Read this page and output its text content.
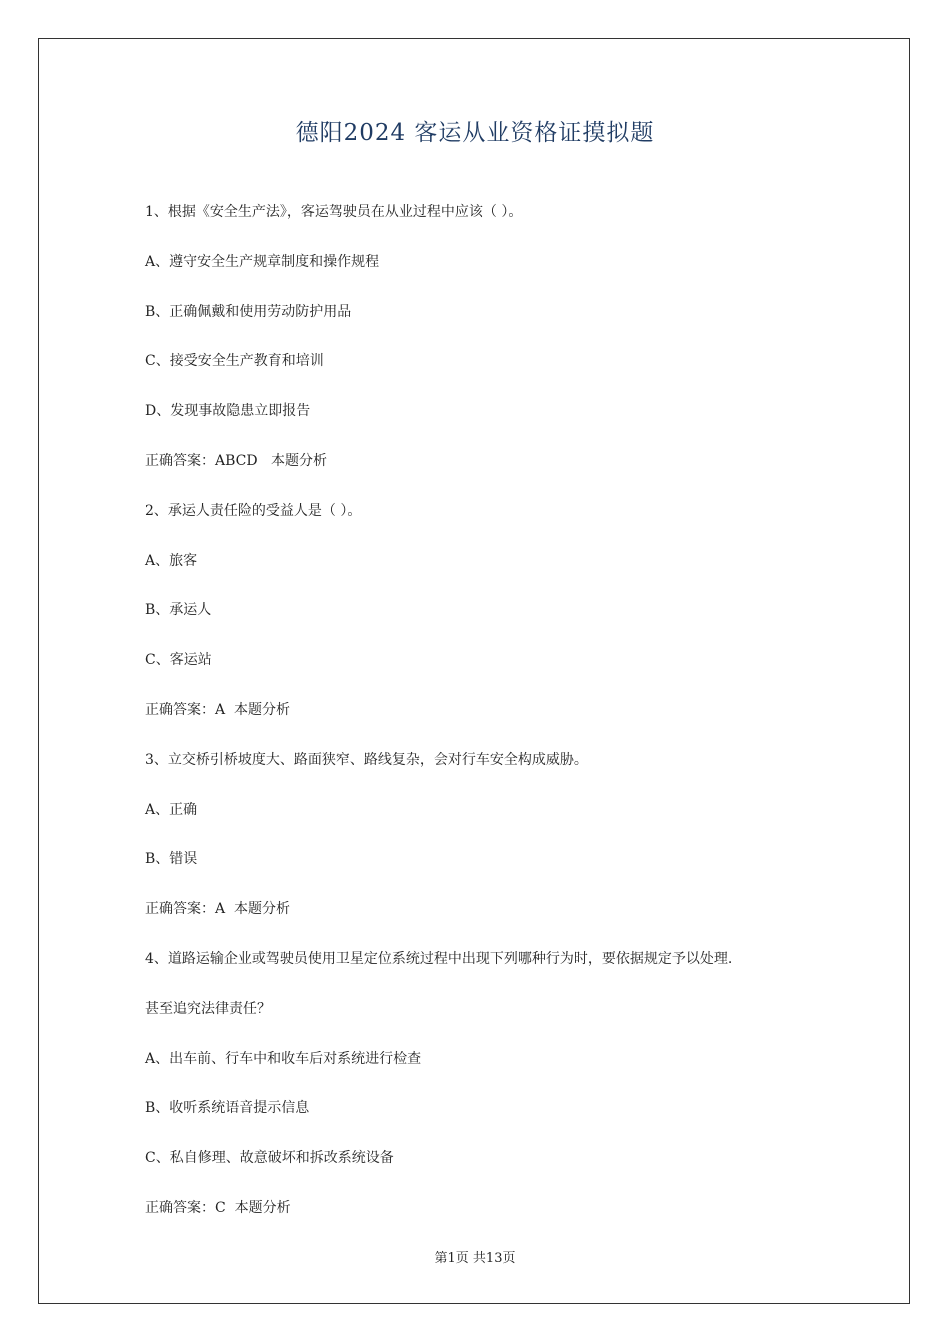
德阳2024 客运从业资格证摸拟题
1、根据《安全生产法》，客运驾驶员在从业过程中应该（ ）。
A、遵守安全生产规章制度和操作规程
B、正确佩戴和使用劳动防护用品
C、接受安全生产教育和培训
D、发现事故隐患立即报告
正确答案：ABCD   本题分析
2、承运人责任险的受益人是（ ）。
A、旅客
B、承运人
C、客运站
正确答案：A  本题分析
3、立交桥引桥坡度大、路面狭窄、路线复杂，会对行车安全构成威胁。
A、正确
B、错误
正确答案：A  本题分析
4、道路运输企业或驾驶员使用卫星定位系统过程中出现下列哪种行为时，要依据规定予以处理.
甚至追究法律责任？
A、出车前、行车中和收车后对系统进行检查
B、收听系统语音提示信息
C、私自修理、故意破坏和拆改系统设备
正确答案：C  本题分析
第1页 共13页
